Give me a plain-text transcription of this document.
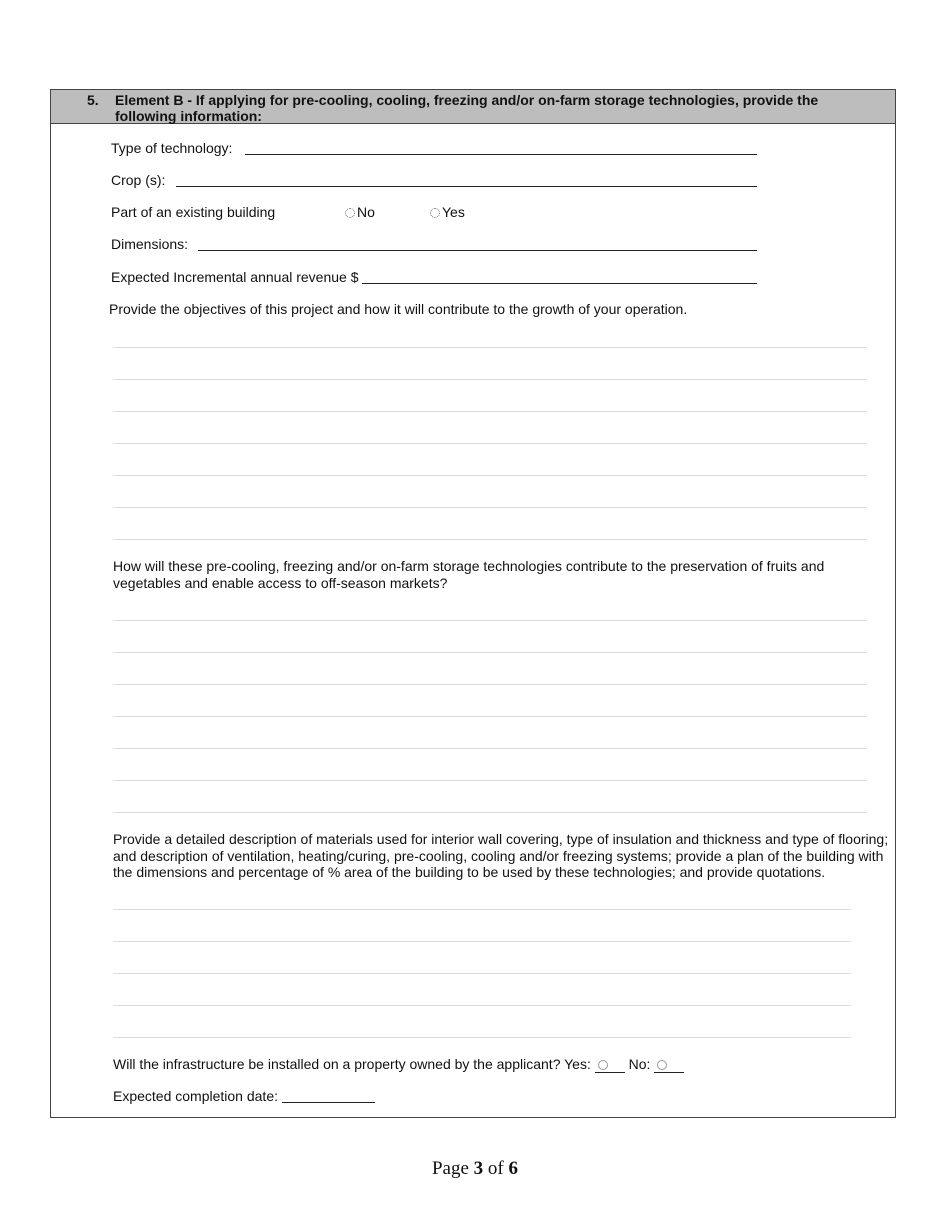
5. Element B - If applying for pre-cooling, cooling, freezing and/or on-farm storage technologies, provide the following information:
Type of technology:
Crop (s):
Part of an existing building	No	Yes
Dimensions:
Expected Incremental annual revenue $
Provide the objectives of this project and how it will contribute to the growth of your operation.
How will these pre-cooling, freezing and/or on-farm storage technologies contribute to the preservation of fruits and vegetables and enable access to off-season markets?
Provide a detailed description of materials used for interior wall covering, type of insulation and thickness and type of flooring; and description of ventilation, heating/curing, pre-cooling, cooling and/or freezing systems; provide a plan of the building with the dimensions and percentage of % area of the building to be used by these technologies; and provide quotations.
Will the infrastructure be installed on a property owned by the applicant? Yes:	No:
Expected completion date:
Page 3 of 6
